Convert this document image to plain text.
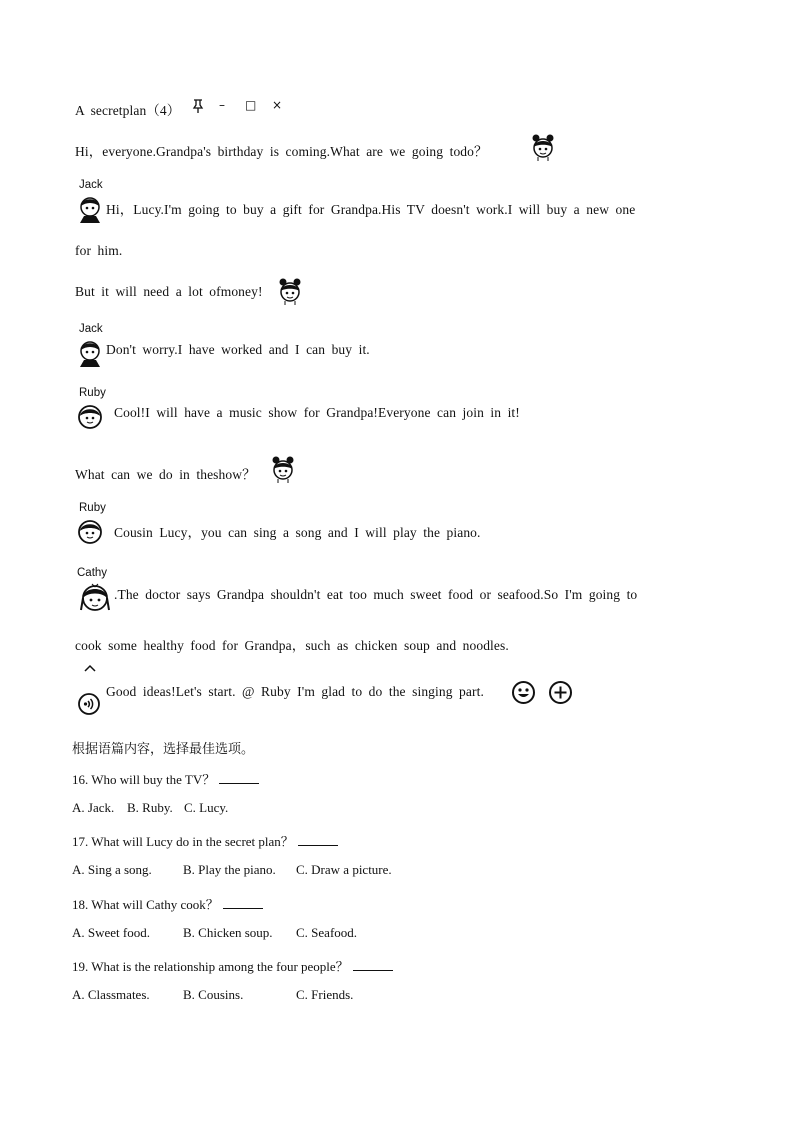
A secretplan（4）	– □ ×
Hi，everyone.Grandpa's birthday is coming.What are we going todo？
Jack
Hi，Lucy.I'm going to buy a gift for Grandpa.His TV doesn't work.I will buy a new one
for him.
But it will need a lot ofmoney!
Jack
Don't worry.I have worked and I can buy it.
Ruby
Cool!I will have a music show for Grandpa!Everyone can join in it!
What can we do in theshow？
Ruby
Cousin Lucy，you can sing a song and I will play the piano.
Cathy
.The doctor says Grandpa shouldn't eat too much sweet food or seafood.So I'm going to
cook some healthy food for Grandpa，such as chicken soup and noodles.
Good ideas!Let's start. @ Ruby I'm glad to do the singing part.
根据语篇内容，选择最佳选项。
16. Who will buy the TV？
A. Jack. B. Ruby. C. Lucy.
17. What will Lucy do in the secret plan？
A. Sing a song. B. Play the piano. C. Draw a picture.
18. What will Cathy cook？
A. Sweet food.	B. Chicken soup. C. Seafood.
19. What is the relationship among the four people？
A. Classmates.	B. Cousins.	C. Friends.
